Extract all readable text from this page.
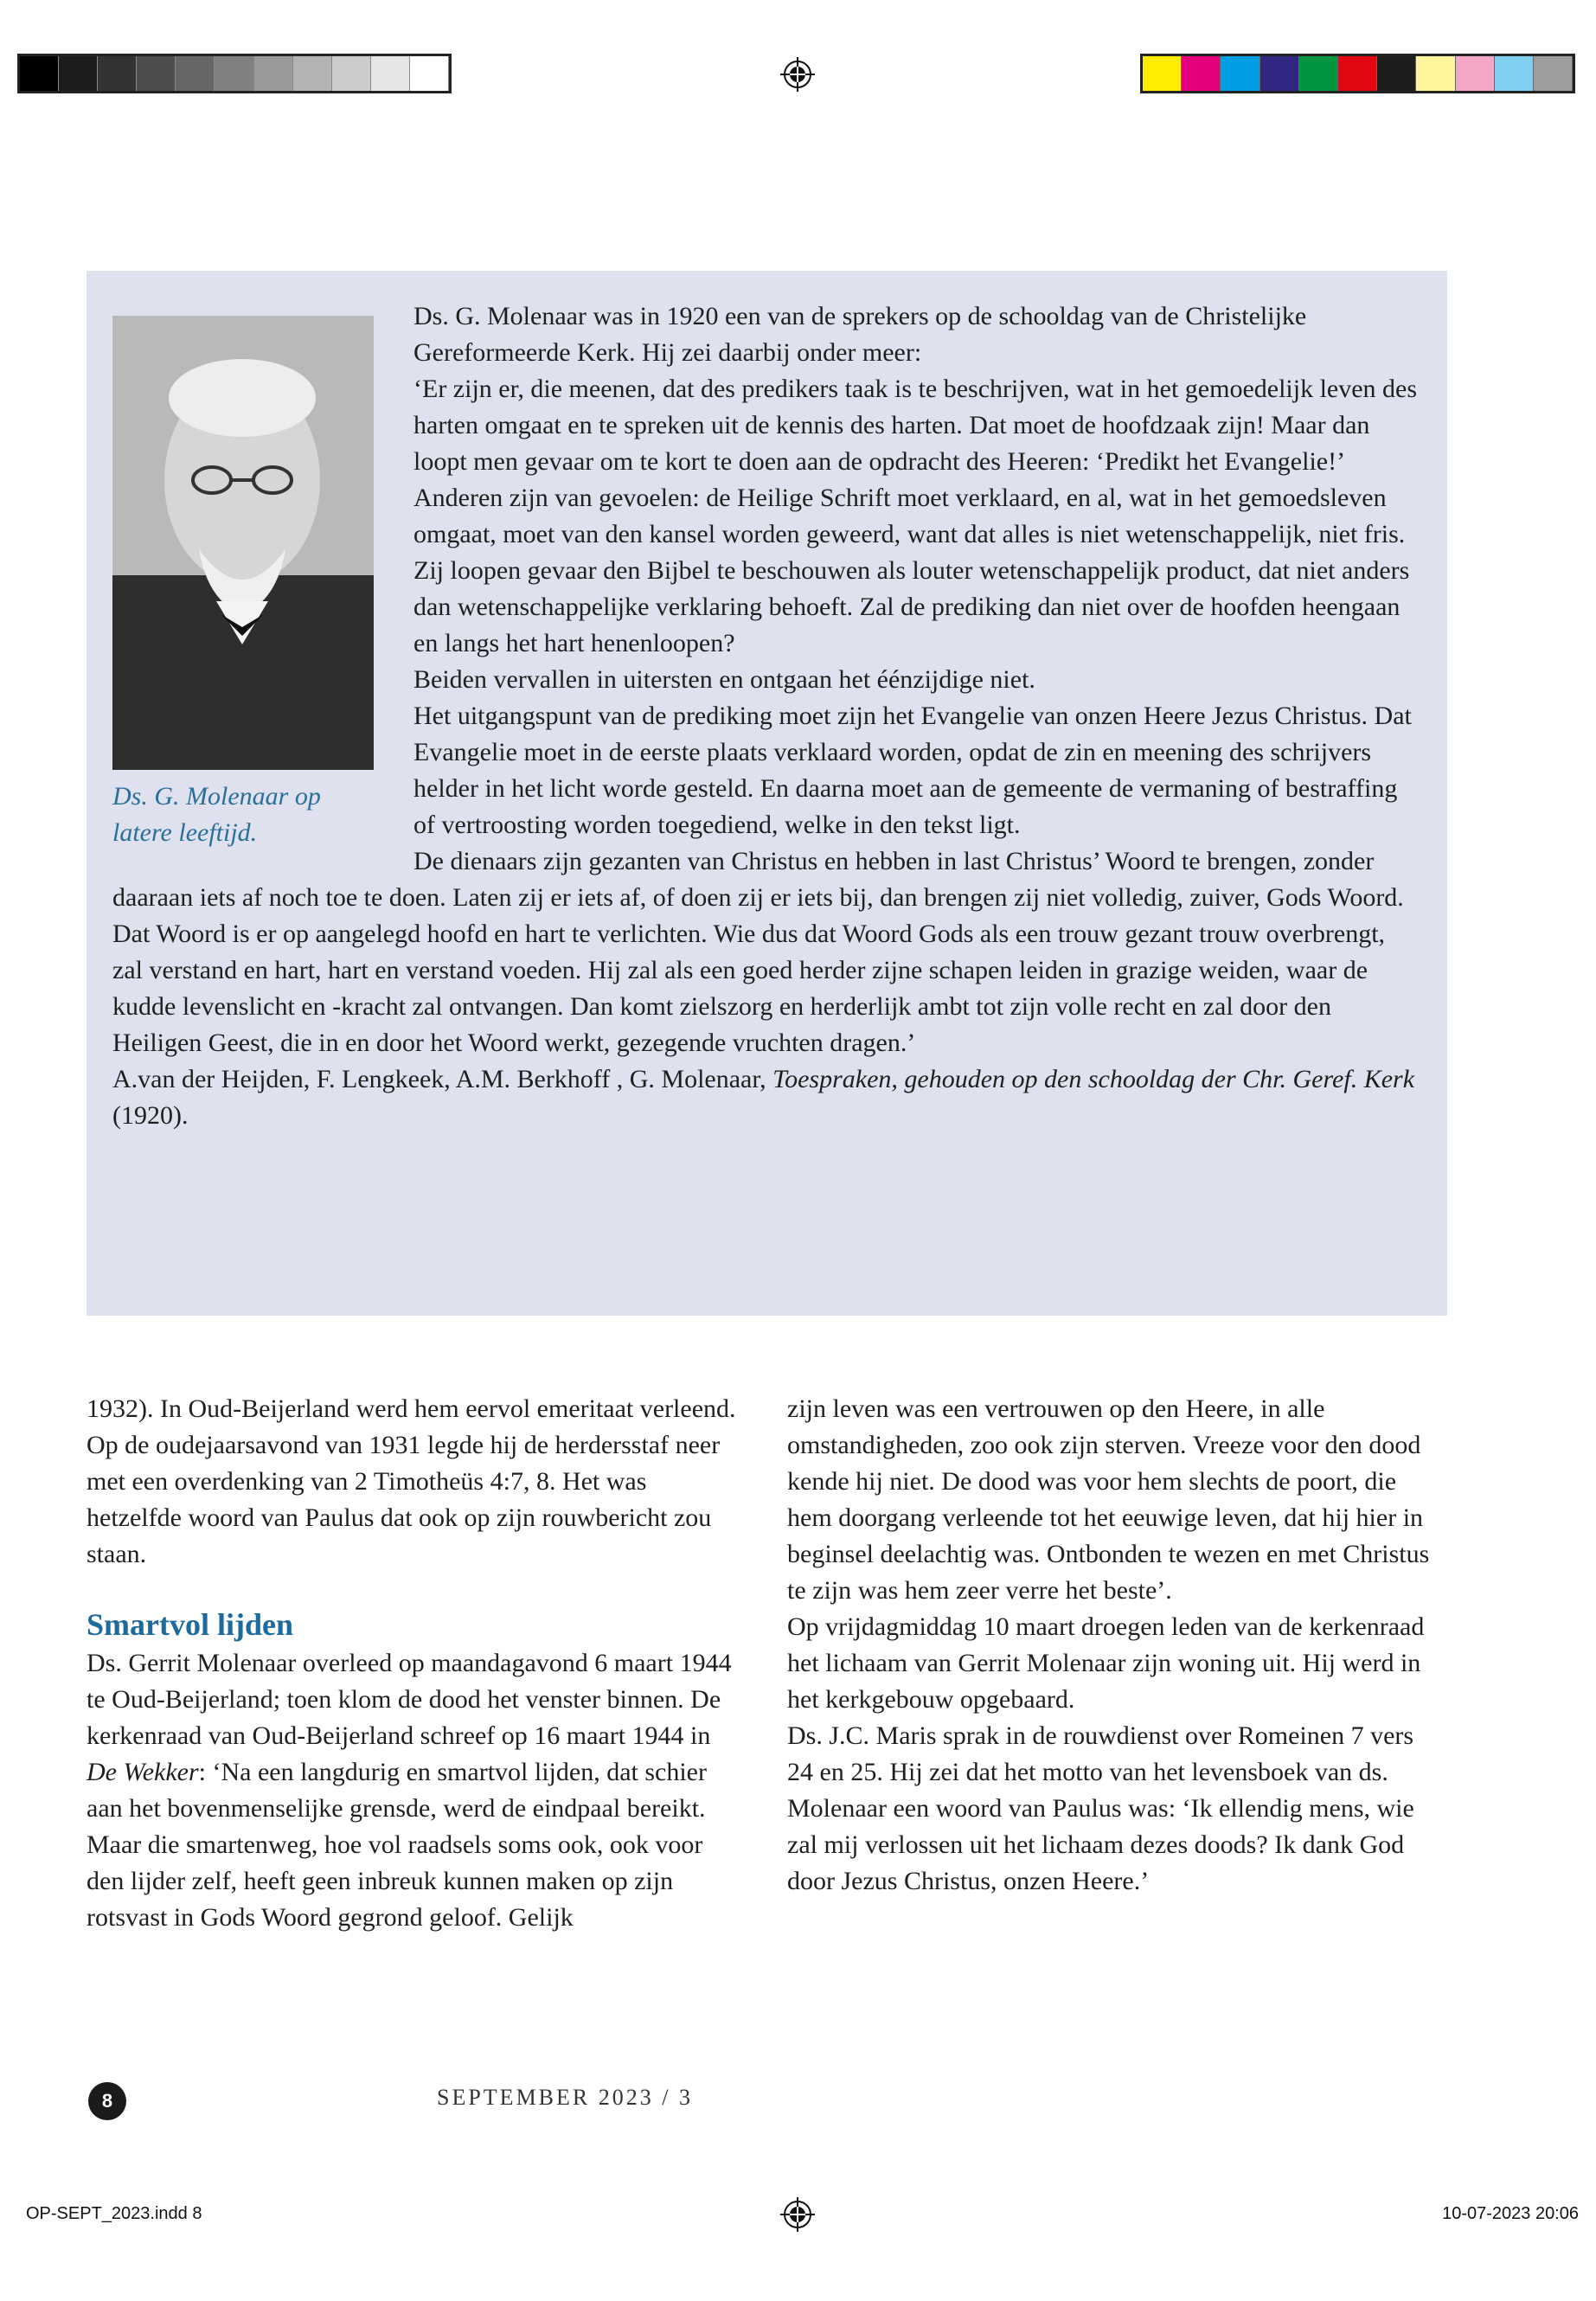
Ds. G. Molenaar op latere leeftijd.

Ds. G. Molenaar was in 1920 een van de sprekers op de schooldag van de Christelijke Gereformeerde Kerk. Hij zei daarbij onder meer:

‘Er zijn er, die meenen, dat des predikers taak is te beschrijven, wat in het gemoedelijk leven des harten omgaat en te spreken uit de kennis des harten. Dat moet de hoofdzaak zijn! Maar dan loopt men gevaar om te kort te doen aan de opdracht des Heeren: ‘Predikt het Evangelie!’

Anderen zijn van gevoelen: de Heilige Schrift moet verklaard, en al, wat in het gemoedsleven omgaat, moet van den kansel worden geweerd, want dat alles is niet wetenschappelijk, niet fris. Zij loopen gevaar den Bijbel te beschouwen als louter wetenschappelijk product, dat niet anders dan wetenschappelijke verklaring behoeft. Zal de prediking dan niet over de hoofden heengaan en langs het hart henenloopen?

Beiden vervallen in uitersten en ontgaan het éénzijdige niet.

Het uitgangspunt van de prediking moet zijn het Evangelie van onzen Heere Jezus Christus. Dat Evangelie moet in de eerste plaats verklaard worden, opdat de zin en meening des schrijvers helder in het licht worde gesteld. En daarna moet aan de gemeente de vermaning of bestraffing of vertroosting worden toegediend, welke in den tekst ligt.

De dienaars zijn gezanten van Christus en hebben in last Christus’ Woord te brengen, zonder daaraan iets af noch toe te doen. Laten zij er iets af, of doen zij er iets bij, dan brengen zij niet volledig, zuiver, Gods Woord. Dat Woord is er op aangelegd hoofd en hart te verlichten. Wie dus dat Woord Gods als een trouw gezant trouw overbrengt, zal verstand en hart, hart en verstand voeden. Hij zal als een goed herder zijne schapen leiden in grazige weiden, waar de kudde levenslicht en -kracht zal ontvangen. Dan komt zielszorg en herderlijk ambt tot zijn volle recht en zal door den Heiligen Geest, die in en door het Woord werkt, gezegende vruchten dragen.’

A.van der Heijden, F. Lengkeek, A.M. Berkhoff , G. Molenaar, Toespraken, gehouden op den schooldag der Chr. Geref. Kerk (1920).

1932). In Oud-Beijerland werd hem eervol emeritaat verleend. Op de oudejaarsavond van 1931 legde hij de herdersstaf neer met een overdenking van 2 Timotheüs 4:7, 8. Het was hetzelfde woord van Paulus dat ook op zijn rouwbericht zou staan.

Smartvol lijden

Ds. Gerrit Molenaar overleed op maandagavond 6 maart 1944 te Oud-Beijerland; toen klom de dood het venster binnen. De kerkenraad van Oud-Beijerland schreef op 16 maart 1944 in De Wekker: ‘Na een langdurig en smartvol lijden, dat schier aan het bovenmenselijke grensde, werd de eindpaal bereikt. Maar die smartenweg, hoe vol raadsels soms ook, ook voor den lijder zelf, heeft geen inbreuk kunnen maken op zijn rotsvast in Gods Woord gegrond geloof. Gelijk

zijn leven was een vertrouwen op den Heere, in alle omstandigheden, zoo ook zijn sterven. Vreeze voor den dood kende hij niet. De dood was voor hem slechts de poort, die hem doorgang verleende tot het eeuwige leven, dat hij hier in beginsel deelachtig was. Ontbonden te wezen en met Christus te zijn was hem zeer verre het beste’.

Op vrijdagmiddag 10 maart droegen leden van de kerkenraad het lichaam van Gerrit Molenaar zijn woning uit. Hij werd in het kerkgebouw opgebaard.

Ds. J.C. Maris sprak in de rouwdienst over Romeinen 7 vers 24 en 25. Hij zei dat het motto van het levensboek van ds. Molenaar een woord van Paulus was: ‘Ik ellendig mens, wie zal mij verlossen uit het lichaam dezes doods? Ik dank God door Jezus Christus, onzen Heere.’

8	SEPTEMBER 2023 / 3
OP-SEPT_2023.indd 8	10-07-2023 20:06
